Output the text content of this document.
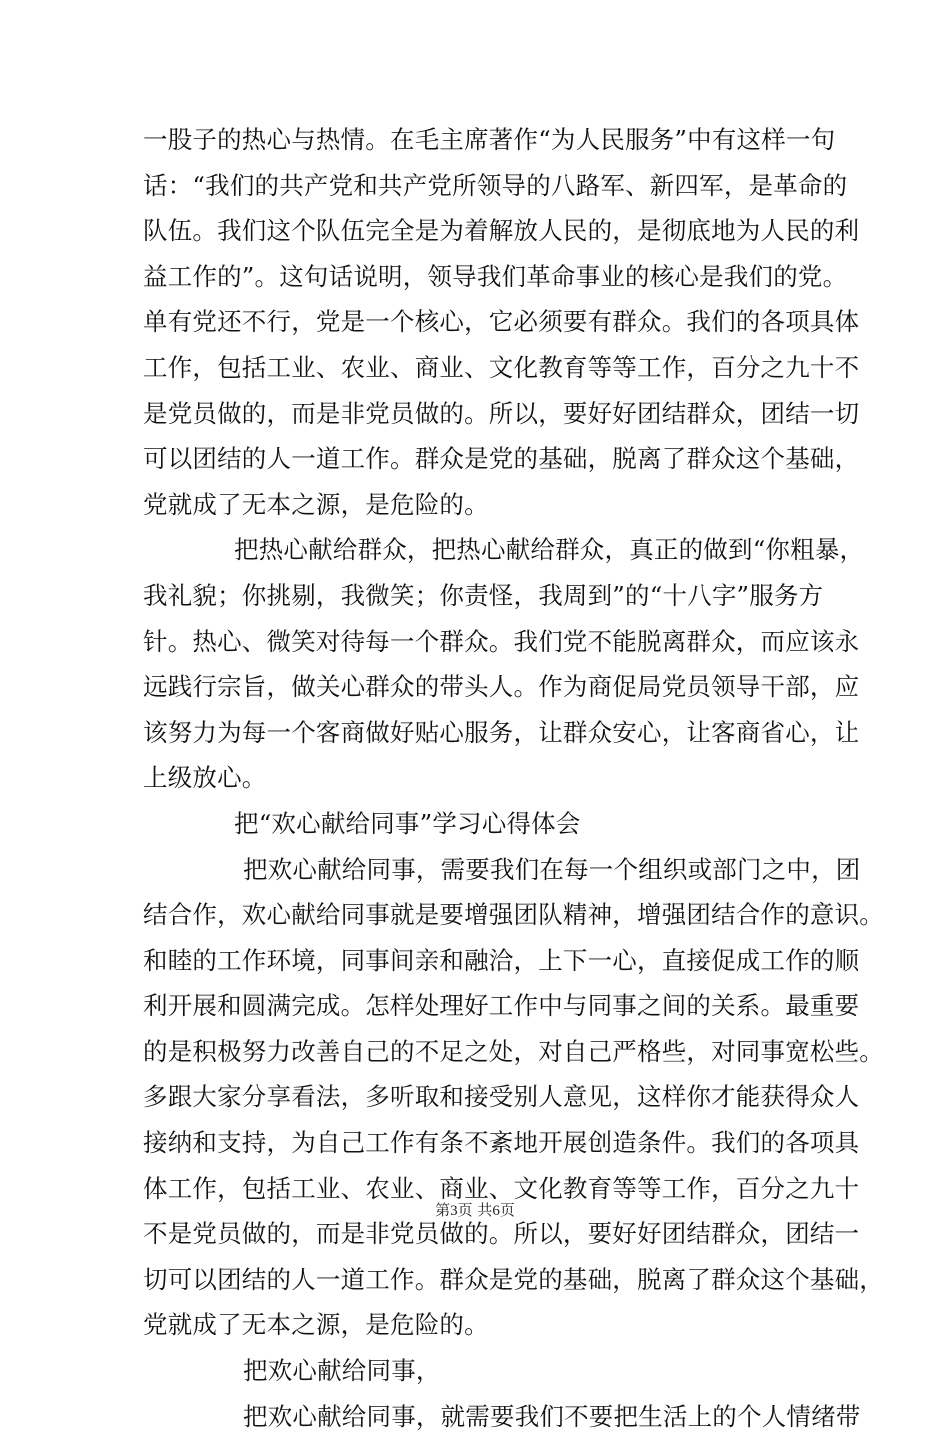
一股子的热心与热情。在毛主席著作“为人民服务”中有这样一句
话：“我们的共产党和共产党所领导的八路军、新四军，是革命的
队伍。我们这个队伍完全是为着解放人民的，是彻底地为人民的利
益工作的”。这句话说明，领导我们革命事业的核心是我们的党。
单有党还不行，党是一个核心，它必须要有群众。我们的各项具体
工作，包括工业、农业、商业、文化教育等等工作，百分之九十不
是党员做的，而是非党员做的。所以，要好好团结群众，团结一切
可以团结的人一道工作。群众是党的基础，脱离了群众这个基础，
党就成了无本之源，是危险的。
把热心献给群众，把热心献给群众，真正的做到“你粗暴，
我礼貌；你挑剔，我微笑；你责怪，我周到”的“十八字”服务方
针。热心、微笑对待每一个群众。我们党不能脱离群众，而应该永
远践行宗旨，做关心群众的带头人。作为商促局党员领导干部，应
该努力为每一个客商做好贴心服务，让群众安心，让客商省心，让
上级放心。
把“欢心献给同事”学习心得体会
把欢心献给同事，需要我们在每一个组织或部门之中，团
结合作，欢心献给同事就是要增强团队精神，增强团结合作的意识。
和睦的工作环境，同事间亲和融洽，上下一心，直接促成工作的顺
利开展和圆满完成。怎样处理好工作中与同事之间的关系。最重要
的是积极努力改善自己的不足之处，对自己严格些，对同事宽松些。
多跟大家分享看法，多听取和接受别人意见，这样你才能获得众人
接纳和支持，为自己工作有条不紊地开展创造条件。我们的各项具
体工作，包括工业、农业、商业、文化教育等等工作，百分之九十
不是党员做的，而是非党员做的。所以，要好好团结群众，团结一
切可以团结的人一道工作。群众是党的基础，脱离了群众这个基础，
党就成了无本之源，是危险的。
把欢心献给同事，
把欢心献给同事，就需要我们不要把生活上的个人情绪带
第3页 共6页
